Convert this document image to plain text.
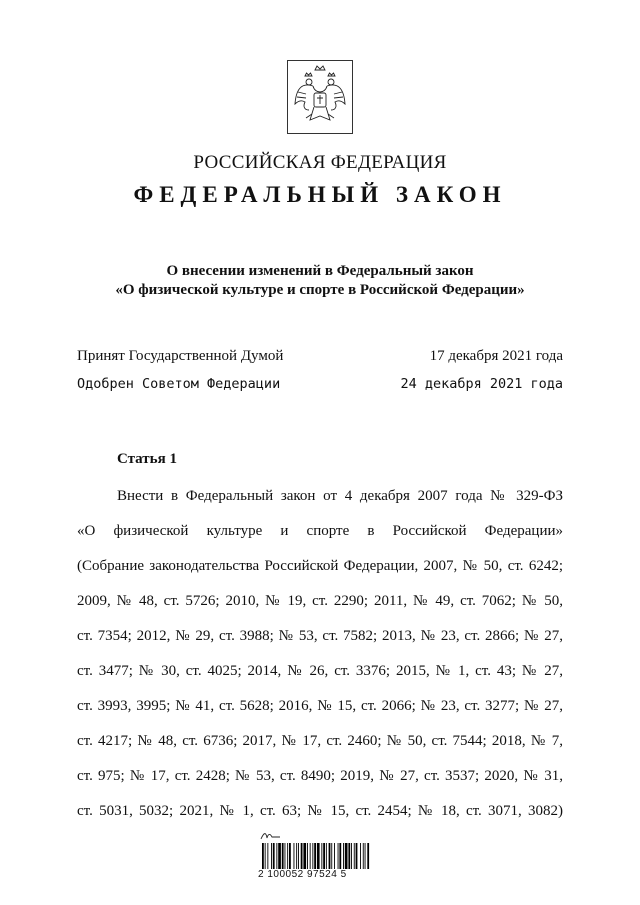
РОССИЙСКАЯ ФЕДЕРАЦИЯ
ФЕДЕРАЛЬНЫЙ ЗАКОН
О внесении изменений в Федеральный закон
«О физической культуре и спорте в Российской Федерации»
Принят Государственной Думой	17 декабря 2021 года
Одобрен Советом Федерации	24 декабря 2021 года
Статья 1
Внести в Федеральный закон от 4 декабря 2007 года № 329-ФЗ
«О физической культуре и спорте в Российской Федерации»
(Собрание законодательства Российской Федерации, 2007, № 50, ст. 6242;
2009, № 48, ст. 5726; 2010, № 19, ст. 2290; 2011, № 49, ст. 7062; № 50,
ст. 7354; 2012, № 29, ст. 3988; № 53, ст. 7582; 2013, № 23, ст. 2866; № 27,
ст. 3477; № 30, ст. 4025; 2014, № 26, ст. 3376; 2015, № 1, ст. 43; № 27,
ст. 3993, 3995; № 41, ст. 5628; 2016, № 15, ст. 2066; № 23, ст. 3277; № 27,
ст. 4217; № 48, ст. 6736; 2017, № 17, ст. 2460; № 50, ст. 7544; 2018, № 7,
ст. 975; № 17, ст. 2428; № 53, ст. 8490; 2019, № 27, ст. 3537; 2020, № 31,
ст. 5031, 5032; 2021, № 1, ст. 63; № 15, ст. 2454; № 18, ст. 3071, 3082)
2 100052 97524 5
